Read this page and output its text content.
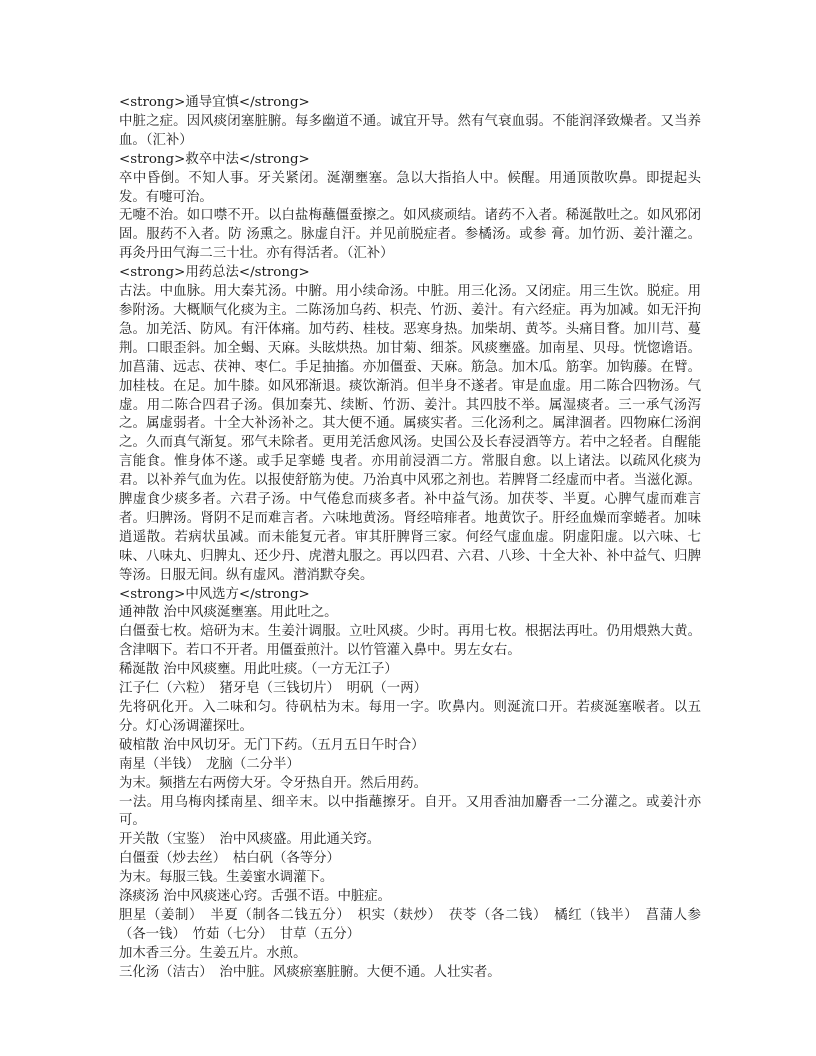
<strong>通导宜慎</strong>

中脏之症。因风痰闭塞脏腑。每多幽道不通。诚宜开导。然有气衰血弱。不能润泽致燥者。又当养血。（汇补）

<strong>救卒中法</strong>

卒中昏倒。不知人事。牙关紧闭。涎潮壅塞。急以大指掐人中。候醒。用通顶散吹鼻。即提起头发。有嚏可治。

无嚏不治。如口噤不开。以白盐梅蘸僵蚕擦之。如风痰顽结。诸药不入者。稀涎散吐之。如风邪闭固。服药不入者。防 汤熏之。脉虚自汗。并见前脱症者。参橘汤。或参 膏。加竹沥、姜汁灌之。再灸丹田气海二三十壮。亦有得活者。（汇补）

<strong>用药总法</strong>

古法。中血脉。用大秦艽汤。中腑。用小续命汤。中脏。用三化汤。又闭症。用三生饮。脱症。用参附汤。大概顺气化痰为主。二陈汤加乌药、枳壳、竹沥、姜汁。有六经症。再为加减。如无汗拘急。加羌活、防风。有汗体痛。加芍药、桂枝。恶寒身热。加柴胡、黄芩。头痛目瞀。加川芎、蔓荆。口眼歪斜。加全蝎、天麻。头眩烘热。加甘菊、细茶。风痰壅盛。加南星、贝母。恍惚谵语。加菖蒲、远志、茯神、枣仁。手足抽搐。亦加僵蚕、天麻。筋急。加木瓜。筋挛。加钩藤。在臂。加桂枝。在足。加牛膝。如风邪渐退。痰饮渐消。但半身不遂者。审是血虚。用二陈合四物汤。气虚。用二陈合四君子汤。俱加秦艽、续断、竹沥、姜汁。其四肢不举。属湿痰者。三一承气汤泻之。属虚弱者。十全大补汤补之。其大便不通。属痰实者。三化汤利之。属津涸者。四物麻仁汤润之。久而真气渐复。邪气未除者。更用羌活愈风汤。史国公及长春浸酒等方。若中之轻者。自醒能言能食。惟身体不遂。或手足挛蜷 曳者。亦用前浸酒二方。常服自愈。以上诸法。以疏风化痰为君。以补养气血为佐。以报使舒筋为使。乃治真中风邪之剂也。若脾肾二经虚而中者。当滋化源。脾虚食少痰多者。六君子汤。中气倦怠而痰多者。补中益气汤。加茯苓、半夏。心脾气虚而难言者。归脾汤。肾阴不足而难言者。六味地黄汤。肾经喑痱者。地黄饮子。肝经血燥而挛蜷者。加味逍遥散。若病状虽减。而未能复元者。审其肝脾肾三家。何经气虚血虚。阴虚阳虚。以六味、七味、八味丸、归脾丸、还少丹、虎潜丸服之。再以四君、六君、八珍、十全大补、补中益气、归脾等汤。日服无间。纵有虚风。潜消默夺矣。

<strong>中风选方</strong>

通神散 治中风痰涎壅塞。用此吐之。

白僵蚕七枚。焙研为末。生姜汁调服。立吐风痰。少时。再用七枚。根据法再吐。仍用煨熟大黄。含津咽下。若口不开者。用僵蚕煎汁。以竹管灌入鼻中。男左女右。

稀涎散 治中风痰壅。用此吐痰。（一方无江子）

江子仁（六粒）　猪牙皂（三钱切片）　明矾（一两）

先将矾化开。入二味和匀。待矾枯为末。每用一字。吹鼻内。则涎流口开。若痰涎塞喉者。以五分。灯心汤调灌探吐。

破棺散 治中风切牙。无门下药。（五月五日午时合）

南星（半钱）　龙脑（二分半）

为末。频揩左右两傍大牙。令牙热自开。然后用药。

一法。用乌梅肉揉南星、细辛末。以中指蘸擦牙。自开。又用香油加麝香一二分灌之。或姜汁亦可。

开关散（宝鉴）　治中风痰盛。用此通关窍。

白僵蚕（炒去丝）　枯白矾（各等分）

为末。每服三钱。生姜蜜水调灌下。

涤痰汤 治中风痰迷心窍。舌强不语。中脏症。

胆星（姜制）　半夏（制各二钱五分）　枳实（麸炒）　茯苓（各二钱）　橘红（钱半）　菖蒲人参（各一钱）　竹茹（七分）　甘草（五分）

加木香三分。生姜五片。水煎。

三化汤（洁古）　治中脏。风痰瘀塞脏腑。大便不通。人壮实者。
